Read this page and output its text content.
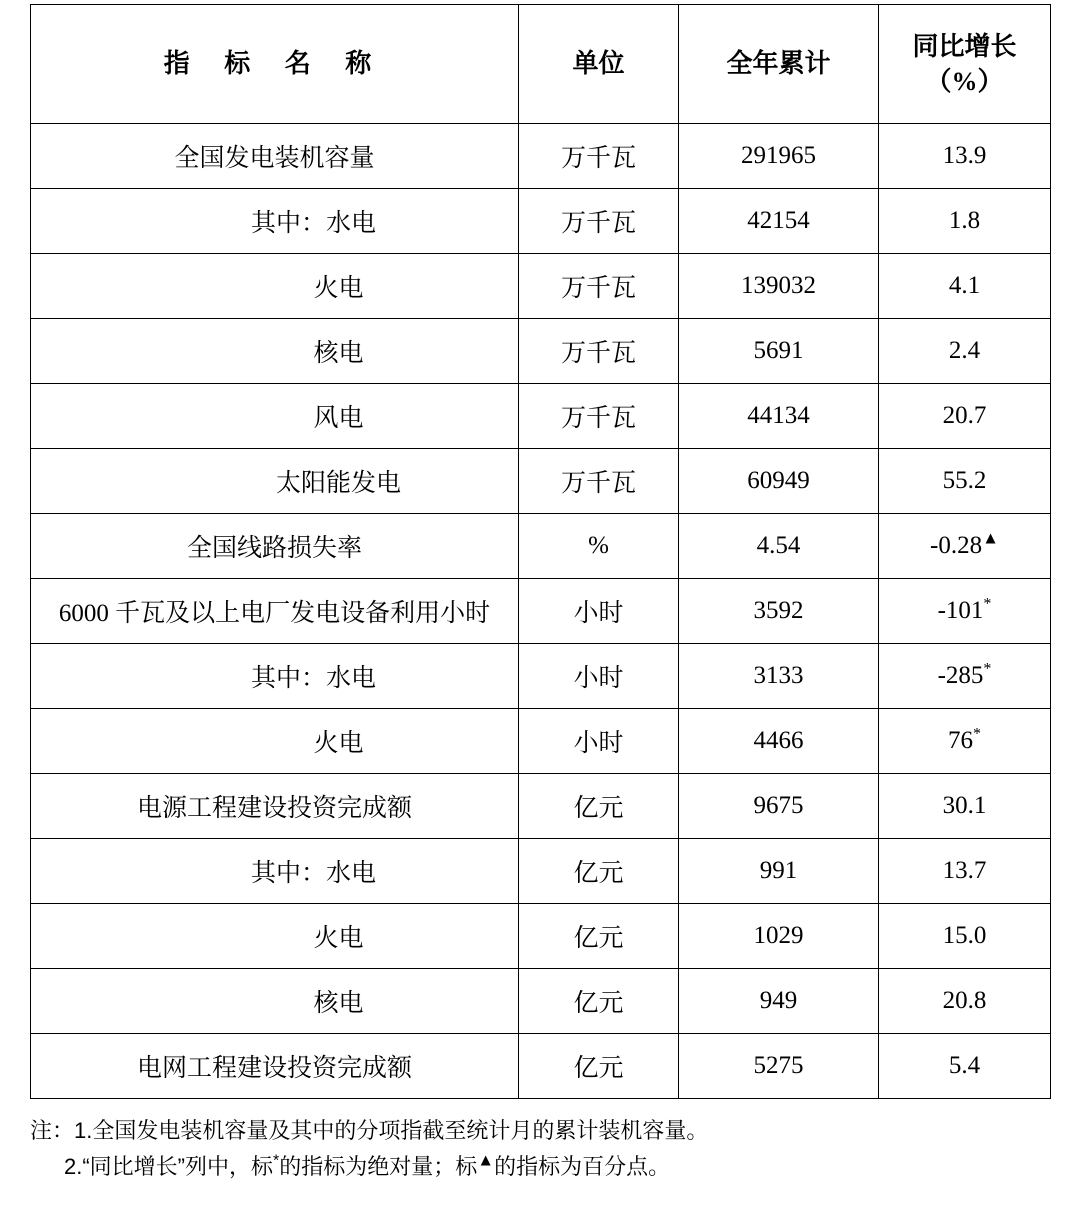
指 标 名 称	单位	全年累计	同比增长
（%）

全国发电装机容量	万千瓦	291965	13.9
其中：水电	万千瓦	42154	1.8
火电	万千瓦	139032	4.1
核电	万千瓦	5691	2.4
风电	万千瓦	44134	20.7
太阳能发电	万千瓦	60949	55.2
全国线路损失率	%	4.54	-0.28▲
6000 千瓦及以上电厂发电设备利用小时	小时	3592	-101*
其中：水电	小时	3133	-285*
火电	小时	4466	76*
电源工程建设投资完成额	亿元	9675	30.1
其中：水电	亿元	991	13.7
火电	亿元	1029	15.0
核电	亿元	949	20.8
电网工程建设投资完成额	亿元	5275	5.4
注：1.全国发电装机容量及其中的分项指截至统计月的累计装机容量。
2.“同比增长”列中，标*的指标为绝对量；标▲的指标为百分点。
